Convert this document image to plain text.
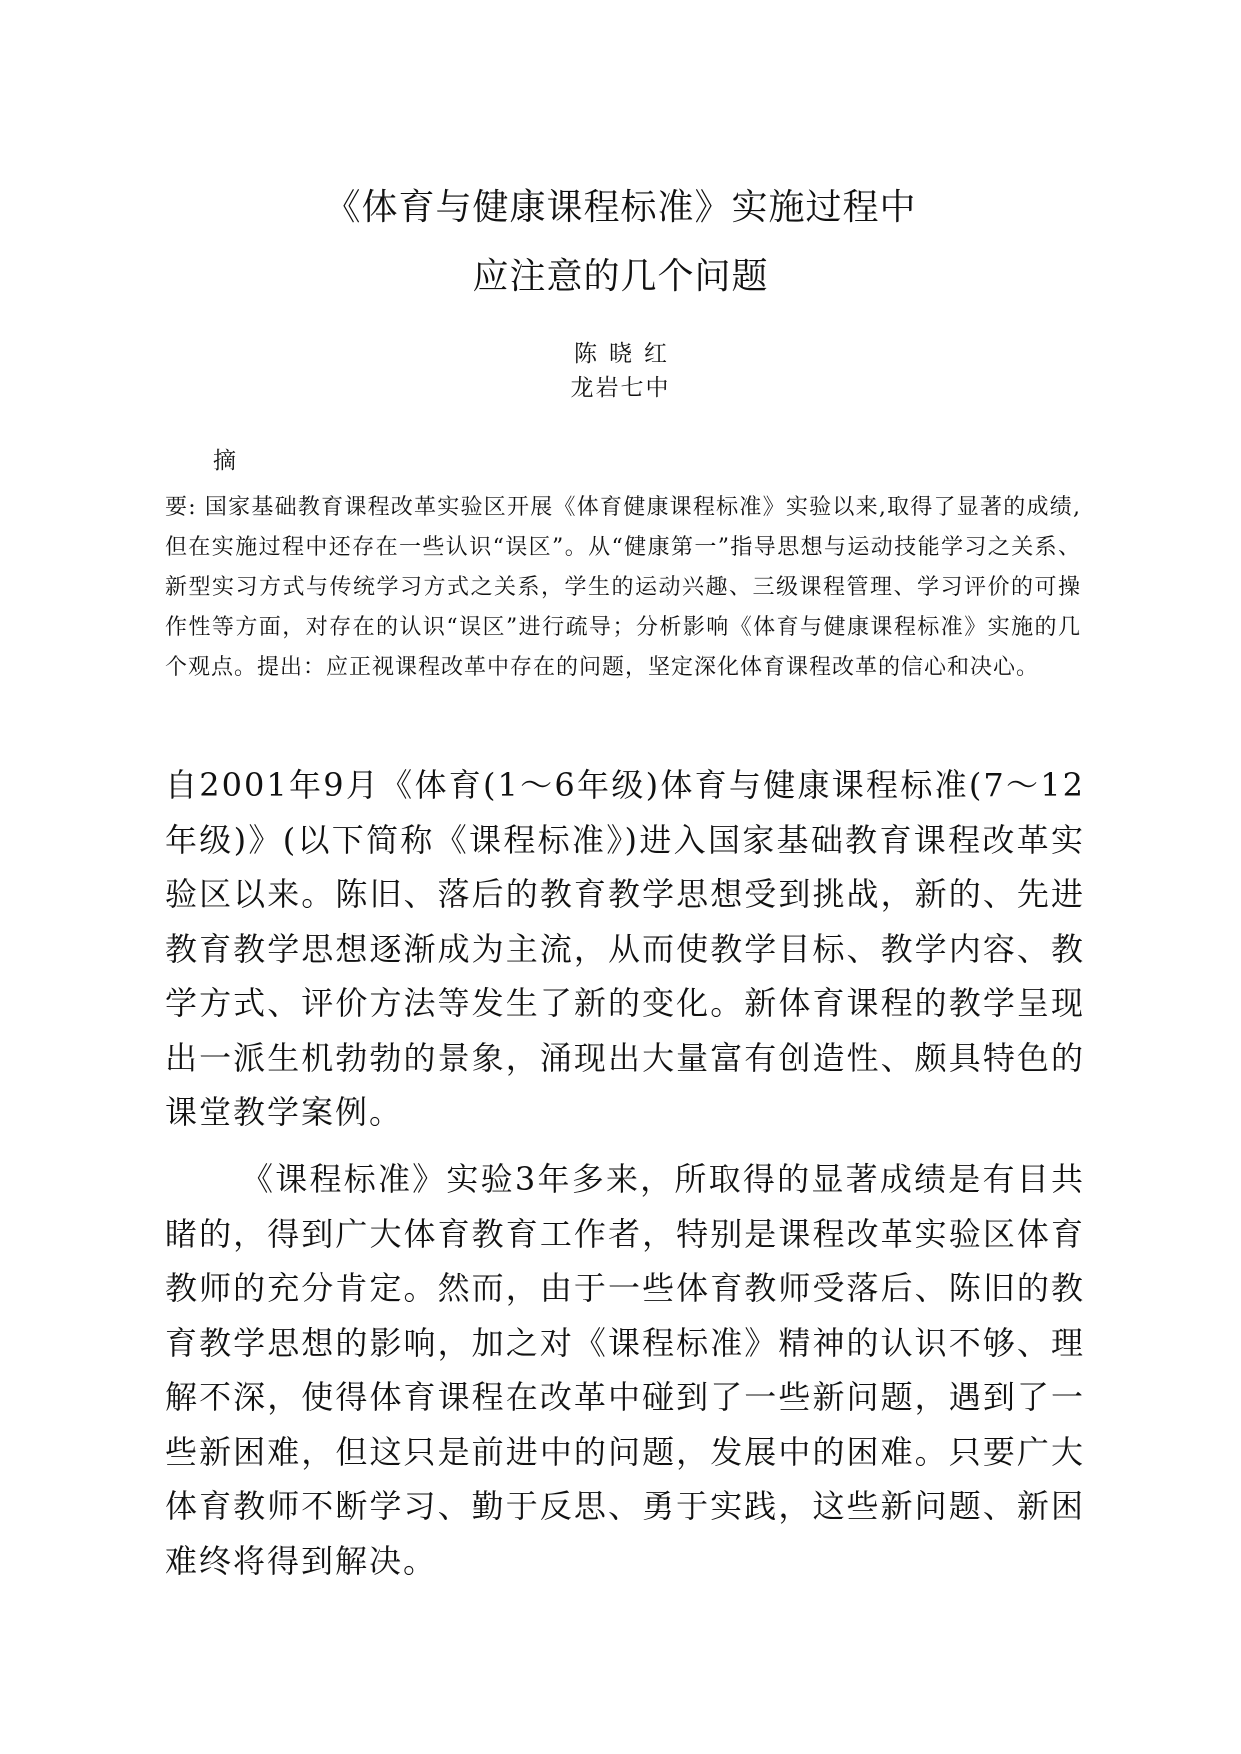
《体育与健康课程标准》实施过程中
应注意的几个问题
陈晓红
龙岩七中
摘
要: 国家基础教育课程改革实验区开展《体育健康课程标准》实验以来,取得了显著的成绩,但在实施过程中还存在一些认识“误区”。从“健康第一”指导思想与运动技能学习之关系、新型实习方式与传统学习方式之关系，学生的运动兴趣、三级课程管理、学习评价的可操作性等方面，对存在的认识“误区”进行疏导；分析影响《体育与健康课程标准》实施的几个观点。提出：应正视课程改革中存在的问题，坚定深化体育课程改革的信心和决心。
自2001年9月《体育(1～6年级)体育与健康课程标准(7～12年级)》(以下简称《课程标准》)进入国家基础教育课程改革实验区以来。陈旧、落后的教育教学思想受到挑战，新的、先进教育教学思想逐渐成为主流，从而使教学目标、教学内容、教学方式、评价方法等发生了新的变化。新体育课程的教学呈现出一派生机勃勃的景象，涌现出大量富有创造性、颇具特色的课堂教学案例。
《课程标准》实验3年多来，所取得的显著成绩是有目共睹的，得到广大体育教育工作者，特别是课程改革实验区体育教师的充分肯定。然而，由于一些体育教师受落后、陈旧的教育教学思想的影响，加之对《课程标准》精神的认识不够、理解不深，使得体育课程在改革中碰到了一些新问题，遇到了一些新困难，但这只是前进中的问题，发展中的困难。只要广大体育教师不断学习、勤于反思、勇于实践，这些新问题、新困难终将得到解决。
